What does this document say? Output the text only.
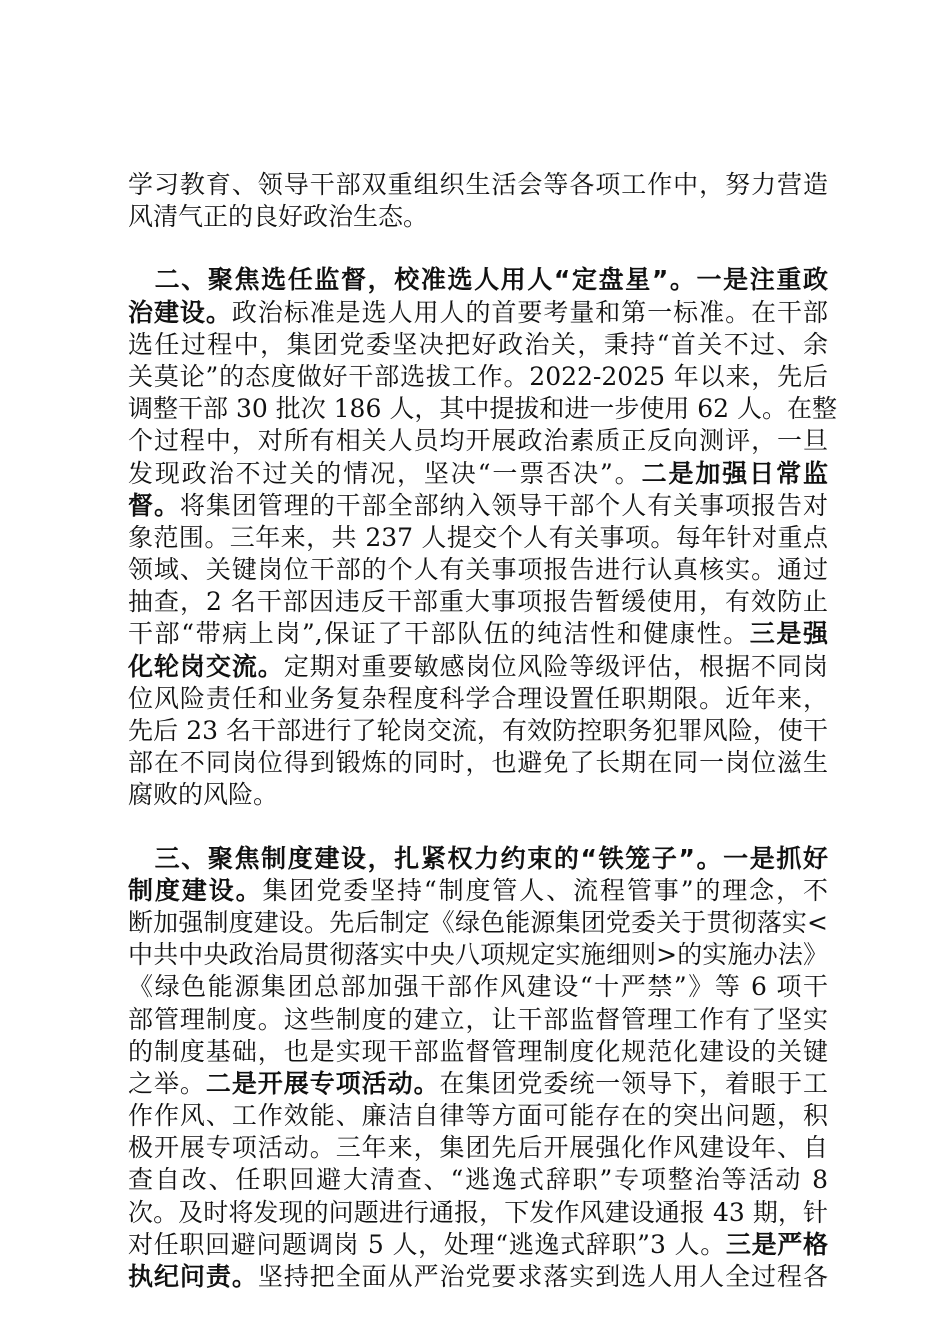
学习教育、领导干部双重组织生活会等各项工作中，努力营造
风清气正的良好政治生态。
　二、聚焦选任监督，校准选人用人“定盘星”。一是注重政
治建设。政治标准是选人用人的首要考量和第一标准。在干部
选任过程中，集团党委坚决把好政治关，秉持“首关不过、余
关莫论”的态度做好干部选拔工作。2022-2025 年以来，先后
调整干部 30 批次 186 人，其中提拔和进一步使用 62 人。在整
个过程中，对所有相关人员均开展政治素质正反向测评，一旦
发现政治不过关的情况，坚决“一票否决”。二是加强日常监
督。将集团管理的干部全部纳入领导干部个人有关事项报告对
象范围。三年来，共 237 人提交个人有关事项。每年针对重点
领域、关键岗位干部的个人有关事项报告进行认真核实。通过
抽查，2 名干部因违反干部重大事项报告暂缓使用，有效防止
干部“带病上岗”,保证了干部队伍的纯洁性和健康性。三是强
化轮岗交流。定期对重要敏感岗位风险等级评估，根据不同岗
位风险责任和业务复杂程度科学合理设置任职期限。近年来，
先后 23 名干部进行了轮岗交流，有效防控职务犯罪风险，使干
部在不同岗位得到锻炼的同时，也避免了长期在同一岗位滋生
腐败的风险。
　三、聚焦制度建设，扎紧权力约束的“铁笼子”。一是抓好
制度建设。集团党委坚持“制度管人、流程管事”的理念，不
断加强制度建设。先后制定《绿色能源集团党委关于贯彻落实<
中共中央政治局贯彻落实中央八项规定实施细则>的实施办法》
《绿色能源集团总部加强干部作风建设“十严禁”》等 6 项干
部管理制度。这些制度的建立，让干部监督管理工作有了坚实
的制度基础，也是实现干部监督管理制度化规范化建设的关键
之举。二是开展专项活动。在集团党委统一领导下，着眼于工
作作风、工作效能、廉洁自律等方面可能存在的突出问题，积
极开展专项活动。三年来，集团先后开展强化作风建设年、自
查自改、任职回避大清查、“逃逸式辞职”专项整治等活动 8
次。及时将发现的问题进行通报，下发作风建设通报 43 期，针
对任职回避问题调岗 5 人，处理“逃逸式辞职”3 人。三是严格
执纪问责。坚持把全面从严治党要求落实到选人用人全过程各
